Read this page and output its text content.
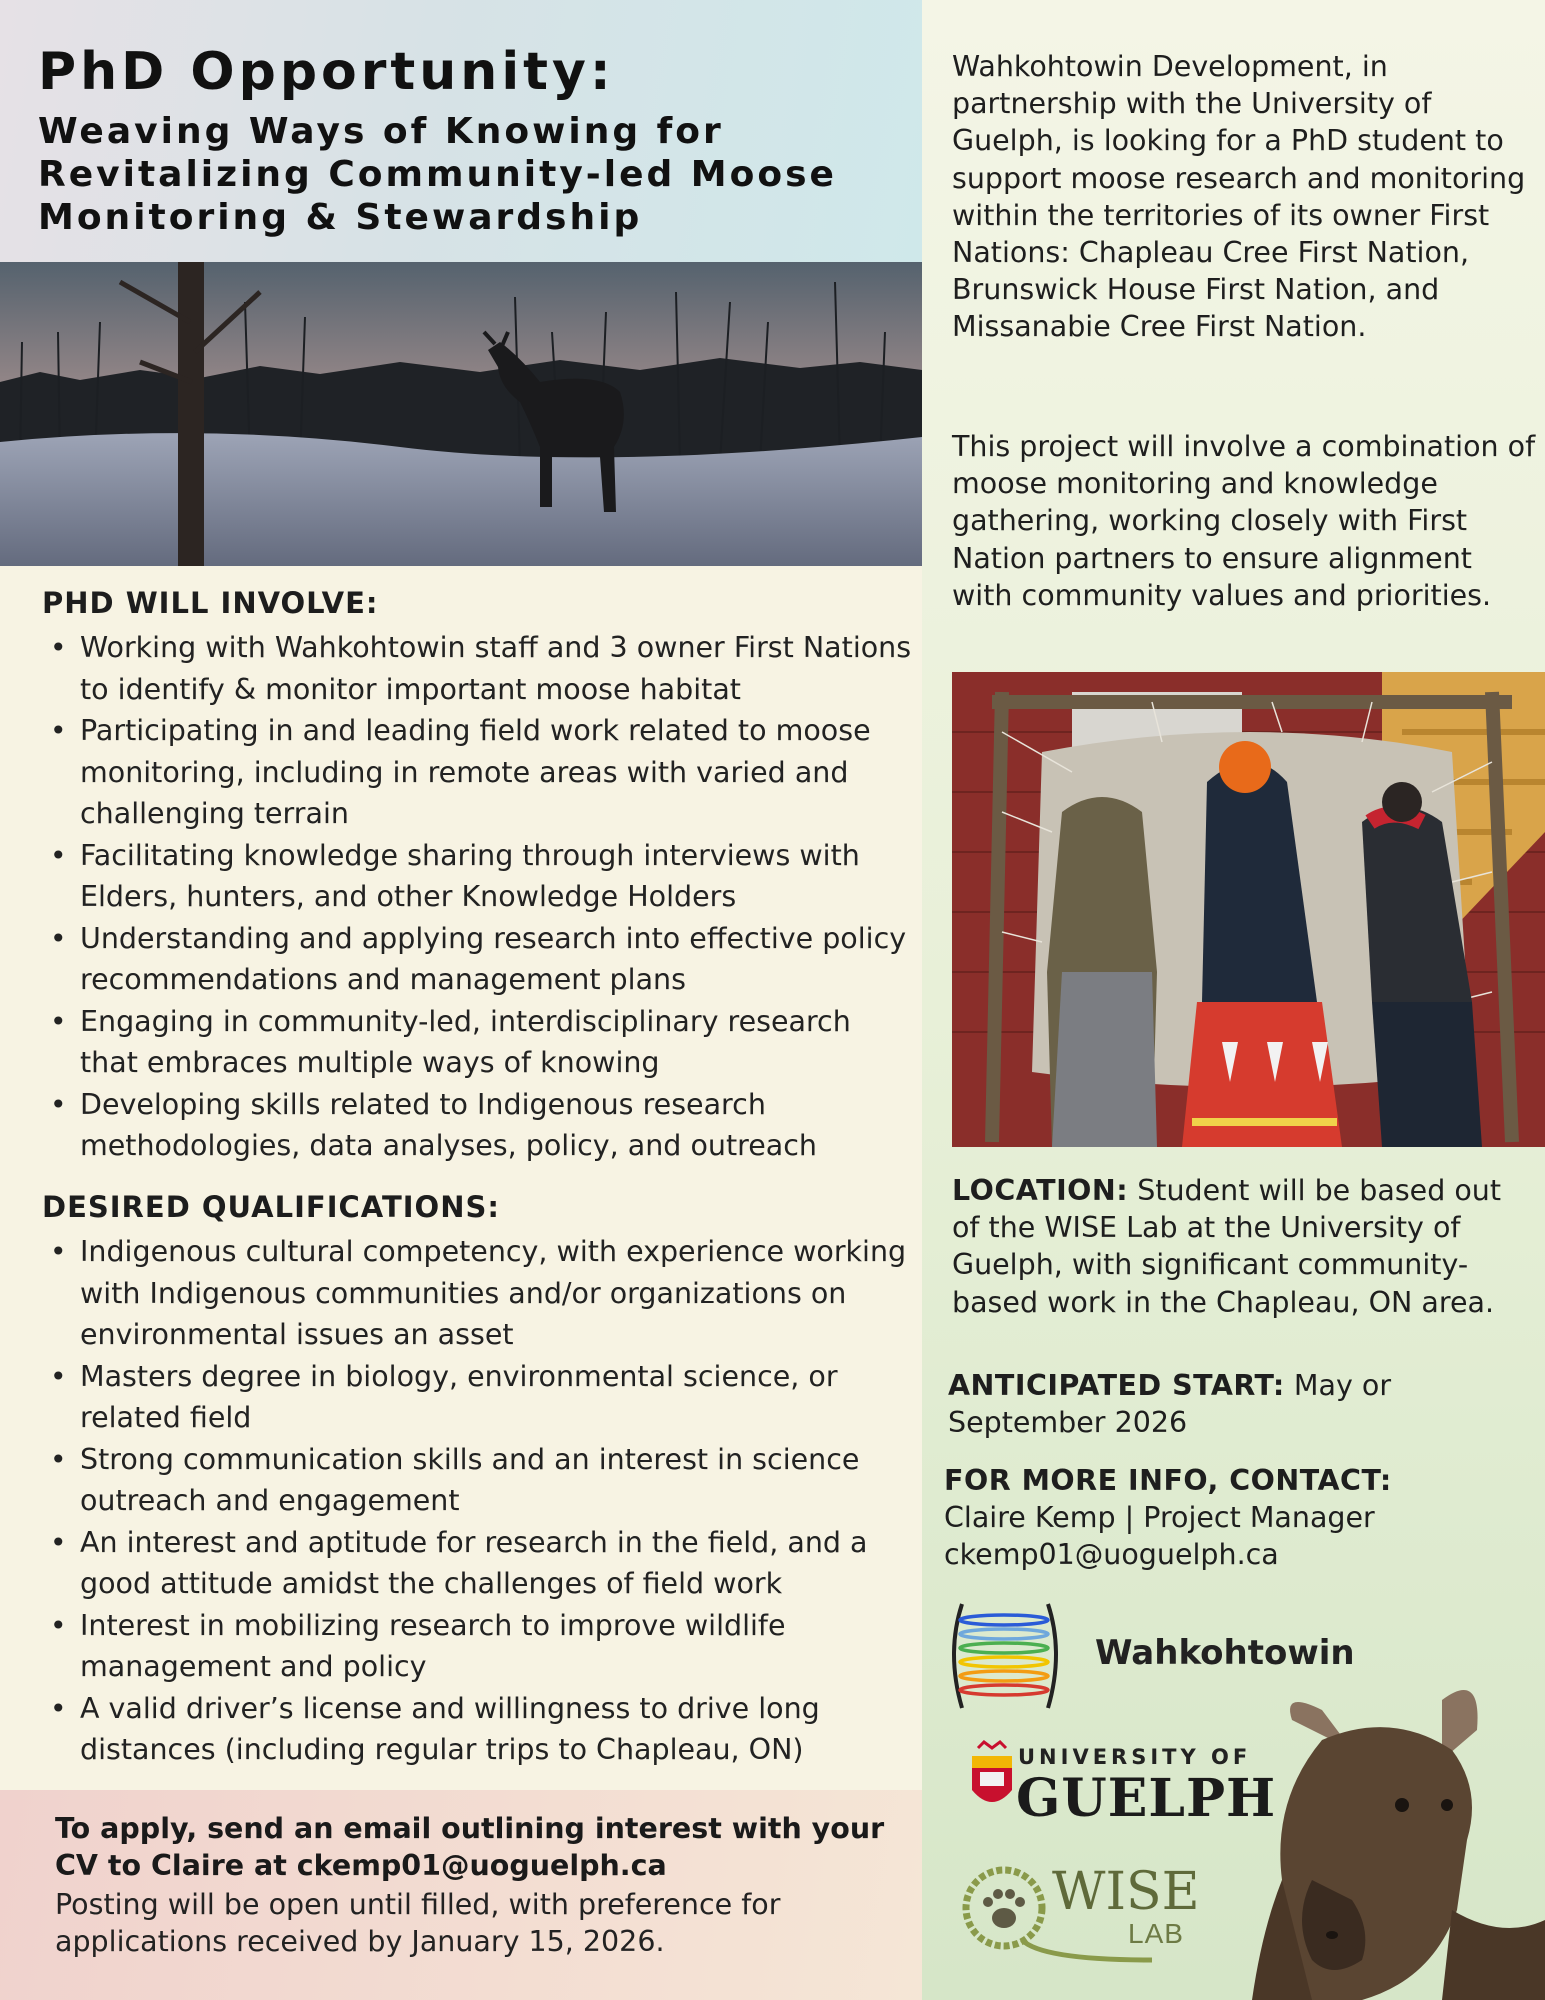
PhD Opportunity:
Weaving Ways of Knowing for Revitalizing Community-led Moose Monitoring & Stewardship
PHD WILL INVOLVE:
• Working with Wahkohtowin staff and 3 owner First Nations to identify & monitor important moose habitat
• Participating in and leading field work related to moose monitoring, including in remote areas with varied and challenging terrain
• Facilitating knowledge sharing through interviews with Elders, hunters, and other Knowledge Holders
• Understanding and applying research into effective policy recommendations and management plans
• Engaging in community-led, interdisciplinary research that embraces multiple ways of knowing
• Developing skills related to Indigenous research methodologies, data analyses, policy, and outreach
DESIRED QUALIFICATIONS:
• Indigenous cultural competency, with experience working with Indigenous communities and/or organizations on environmental issues an asset
• Masters degree in biology, environmental science, or related field
• Strong communication skills and an interest in science outreach and engagement
• An interest and aptitude for research in the field, and a good attitude amidst the challenges of field work
• Interest in mobilizing research to improve wildlife management and policy
• A valid driver’s license and willingness to drive long distances (including regular trips to Chapleau, ON)
To apply, send an email outlining interest with your CV to Claire at ckemp01@uoguelph.ca
Posting will be open until filled, with preference for applications received by January 15, 2026.
Wahkohtowin Development, in partnership with the University of Guelph, is looking for a PhD student to support moose research and monitoring within the territories of its owner First Nations: Chapleau Cree First Nation, Brunswick House First Nation, and Missanabie Cree First Nation.
This project will involve a combination of moose monitoring and knowledge gathering, working closely with First Nation partners to ensure alignment with community values and priorities.
LOCATION: Student will be based out of the WISE Lab at the University of Guelph, with significant community-based work in the Chapleau, ON area.
ANTICIPATED START: May or September 2026
FOR MORE INFO, CONTACT:
Claire Kemp | Project Manager
ckemp01@uoguelph.ca
Wahkohtowin
UNIVERSITY OF
GUELPH
WISE
LAB
